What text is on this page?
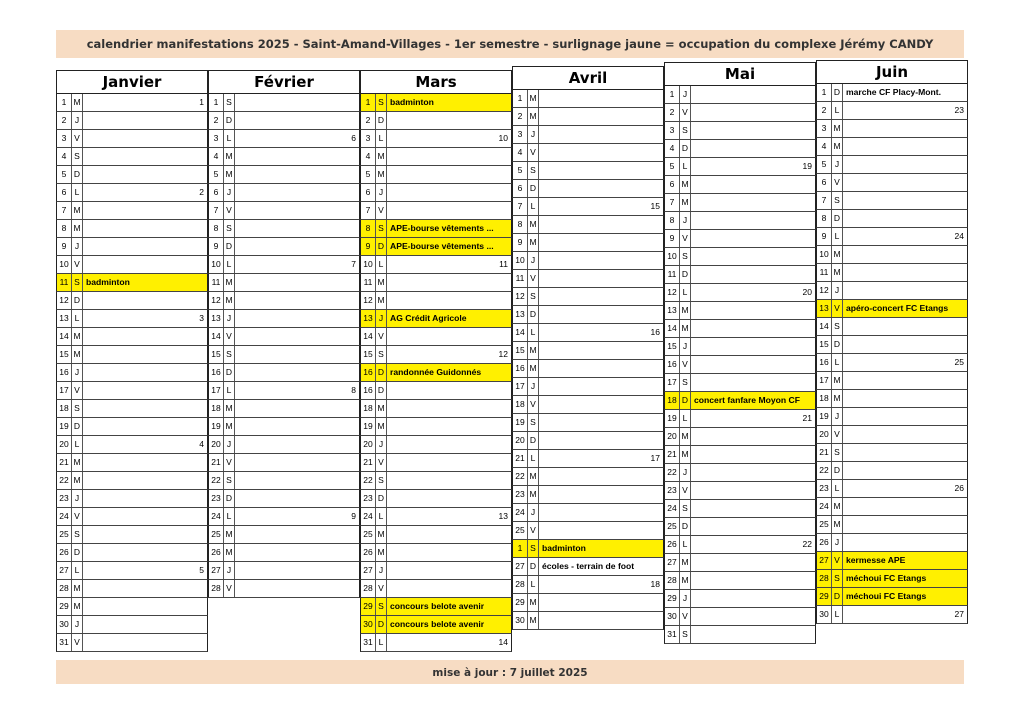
calendrier manifestations 2025 - Saint-Amand-Villages - 1er semestre - surlignage jaune = occupation du complexe Jérémy CANDY
Janvier
1 M	1
2	J
3 V
4 S
5 D
6 L	2
7 M
8 M
9	J
10 V
11 S badminton
12 D
13 L	3
14 M
15 M
16 J
17 V
18 S
19 D
20 L	4
21 M
22 M
23 J
24 V
25 S
26 D
27 L	5
28 M
29 M
30 J
31 V
Février
1 S
2 D
3 L	6
4 M
5 M
6	J
7 V
8 S
9 D
10 L	7
11 M
12 M
13 J
14 V
15 S
16 D
17 L	8
18 M
19 M
20 J
21 V
22 S
23 D
24 L	9
25 M
26 M
27 J
28 V
Mars
1 S badminton
2 D
3 L	10
4 M
5 M
6	J
7 V
8 S APE-bourse vêtements ...
9 D APE-bourse vêtements ...
10 L	11
11 M
12 M
13 J AG Crédit Agricole
14 V
15 S	12
16 D randonnée Guidonnés
16 D
18 M
19 M
20 J
21 V
22 S
23 D
24 L	13
25 M
26 M
27 J
28 V
29 S concours belote avenir
30 D concours belote avenir
31 L	14
Avril
1 M
2 M
3	J
4 V
5 S
6 D
7 L	15
8 M
9 M
10 J
11 V
12 S
13 D
14 L	16
15 M
16 M
17 J
18 V
19 S
20 D
21 L	17
22 M
23 M
24 J
25 V
1 S badminton
27 D écoles - terrain de foot
28 L	18
29 M
30 M
Mai
1	J
2 V
3 S
4 D
5 L	19
6 M
7 M
8	J
9 V
10 S
11 D
12 L	20
13 M
14 M
15 J
16 V
17 S
18 D concert fanfare Moyon CF
19 L	21
20 M
21 M
22 J
23 V
24 S
25 D
26 L	22
27 M
28 M
29 J
30 V
31 S
Juin
1 D marche CF Placy-Mont.
2 L	23
3 M
4 M
5	J
6 V
7 S
8 D
9 L	24
10 M
11 M
12 J
13 V apéro-concert FC Etangs
14 S
15 D
16 L	25
17 M
18 M
19 J
20 V
21 S
22 D
23 L	26
24 M
25 M
26 J
27 V kermesse APE
28 S méchoui FC Etangs
29 D méchoui FC Etangs
30 L	27
mise à jour : 7 juillet 2025
